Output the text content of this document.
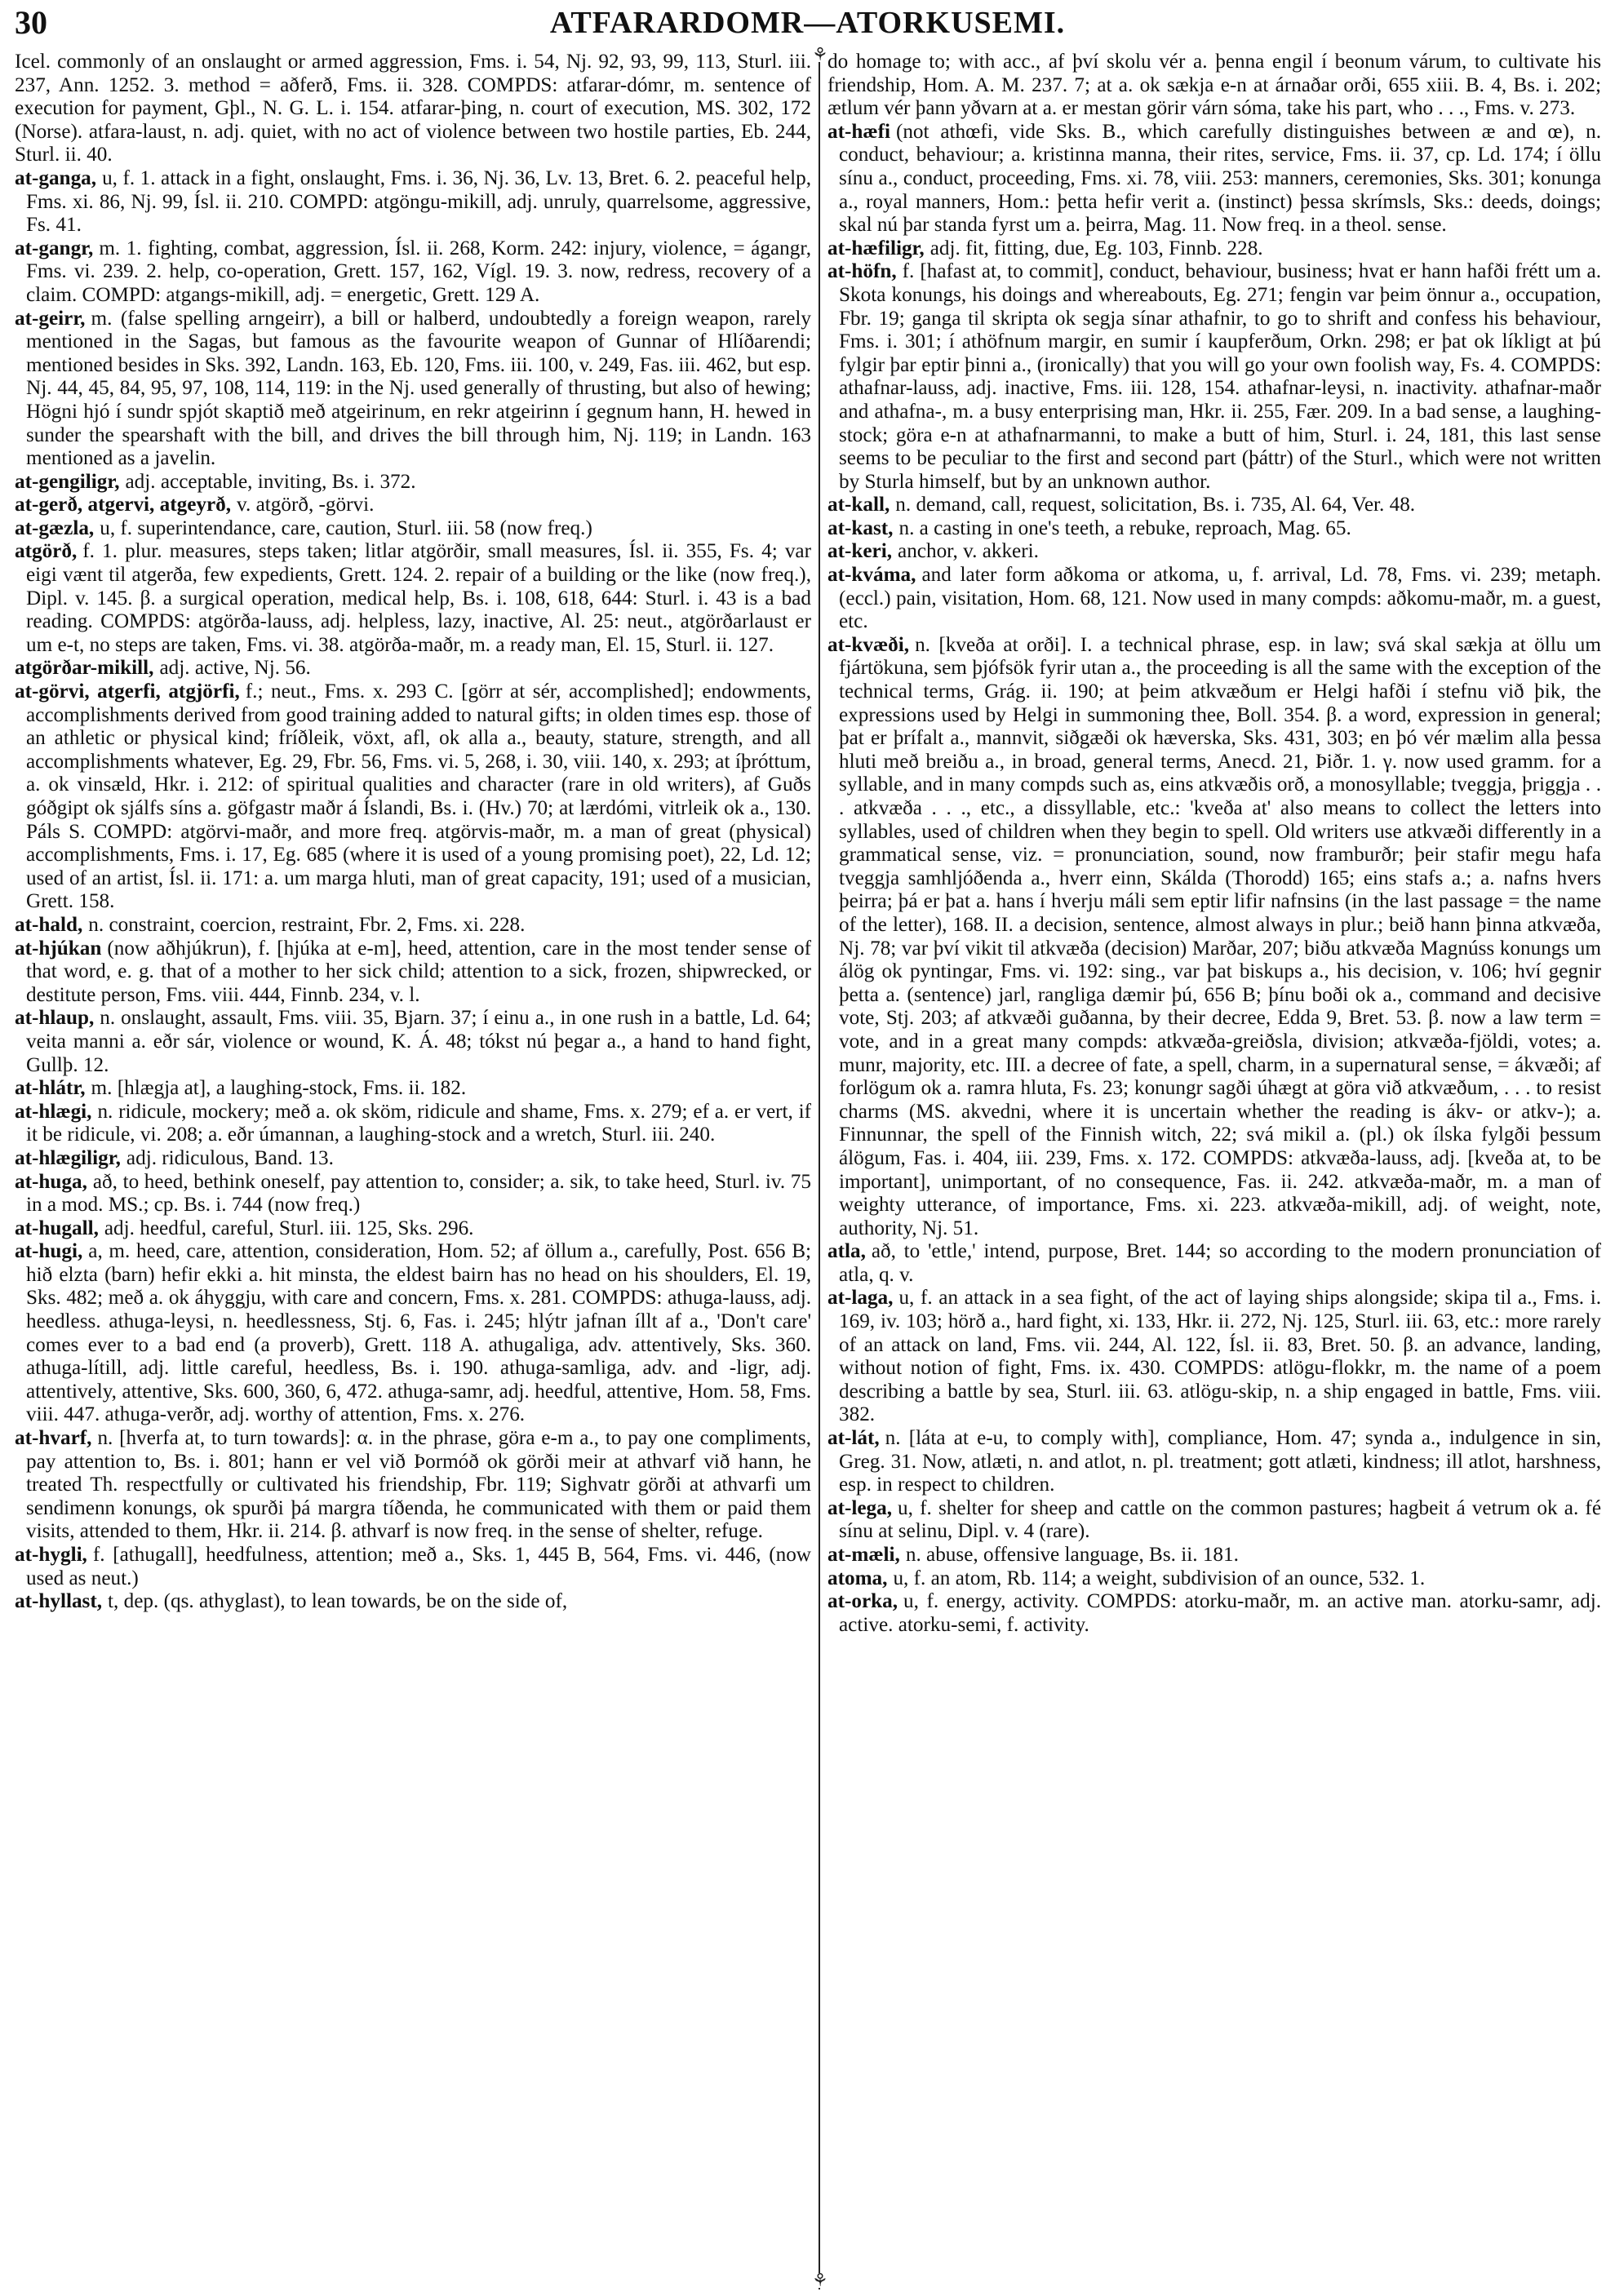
30	ATFARARDOMR—ATORKUSEMI.

Icel. commonly of an onslaught or armed aggression, Fms. i. 54, Nj. 92, 93, 99, 113, Sturl. iii. 237, Ann. 1252. 3. method = aðferð, Fms. ii. 328. COMPDS: atfarar-dómr, m. sentence of execution for payment, Gþl., N. G. L. i. 154. atfarar-þing, n. court of execution, MS. 302, 172 (Norse). atfara-laust, n. adj. quiet, with no act of violence between two hostile parties, Eb. 244, Sturl. ii. 40.

at-ganga, u, f. 1. attack in a fight, onslaught, Fms. i. 36, Nj. 36, Lv. 13, Bret. 6. 2. peaceful help, Fms. xi. 86, Nj. 99, Ísl. ii. 210. COMPD: atgöngu-mikill, adj. unruly, quarrelsome, aggressive, Fs. 41.

at-gangr, m. 1. fighting, combat, aggression, Ísl. ii. 268, Korm. 242: injury, violence, = ágangr, Fms. vi. 239. 2. help, co-operation, Grett. 157, 162, Vígl. 19. 3. now, redress, recovery of a claim. COMPD: atgangs-mikill, adj. = energetic, Grett. 129 A.

at-geirr, m. (false spelling arngeirr), a bill or halberd, undoubtedly a foreign weapon, rarely mentioned in the Sagas, but famous as the favourite weapon of Gunnar of Hlíðarendi; mentioned besides in Sks. 392, Landn. 163, Eb. 120, Fms. iii. 100, v. 249, Fas. iii. 462, but esp. Nj. 44, 45, 84, 95, 97, 108, 114, 119: in the Nj. used generally of thrusting, but also of hewing; Högni hjó í sundr spjót skaptið með atgeirinum, en rekr atgeirinn í gegnum hann, H. hewed in sunder the spearshaft with the bill, and drives the bill through him, Nj. 119; in Landn. 163 mentioned as a javelin.

at-gengiligr, adj. acceptable, inviting, Bs. i. 372.

at-gerð, atgervi, atgeyrð, v. atgörð, -görvi.

at-gæzla, u, f. superintendance, care, caution, Sturl. iii. 58 (now freq.)

atgörð, f. 1. plur. measures, steps taken; litlar atgörðir, small measures, Ísl. ii. 355, Fs. 4; var eigi vænt til atgerða, few expedients, Grett. 124. 2. repair of a building or the like (now freq.), Dipl. v. 145. β. a surgical operation, medical help, Bs. i. 108, 618, 644: Sturl. i. 43 is a bad reading. COMPDS: atgörða-lauss, adj. helpless, lazy, inactive, Al. 25: neut., atgörðarlaust er um e-t, no steps are taken, Fms. vi. 38. atgörða-maðr, m. a ready man, El. 15, Sturl. ii. 127.

atgörðar-mikill, adj. active, Nj. 56.

at-görvi, atgerfi, atgjörfi, f.; neut., Fms. x. 293 C. [görr at sér, accomplished]; endowments, accomplishments derived from good training added to natural gifts; in olden times esp. those of an athletic or physical kind; fríðleik, vöxt, afl, ok alla a., beauty, stature, strength, and all accomplishments whatever, Eg. 29, Fbr. 56, Fms. vi. 5, 268, i. 30, viii. 140, x. 293; at íþróttum, a. ok vinsæld, Hkr. i. 212: of spiritual qualities and character (rare in old writers), af Guðs góðgipt ok sjálfs síns a. göfgastr maðr á Íslandi, Bs. i. (Hv.) 70; at lærdómi, vitrleik ok a., 130. Páls S. COMPD: atgörvi-maðr, and more freq. atgörvis-maðr, m. a man of great (physical) accomplishments, Fms. i. 17, Eg. 685 (where it is used of a young promising poet), 22, Ld. 12; used of an artist, Ísl. ii. 171: a. um marga hluti, man of great capacity, 191; used of a musician, Grett. 158.

at-hald, n. constraint, coercion, restraint, Fbr. 2, Fms. xi. 228.

at-hjúkan (now aðhjúkrun), f. [hjúka at e-m], heed, attention, care in the most tender sense of that word, e. g. that of a mother to her sick child; attention to a sick, frozen, shipwrecked, or destitute person, Fms. viii. 444, Finnb. 234, v. l.

at-hlaup, n. onslaught, assault, Fms. viii. 35, Bjarn. 37; í einu a., in one rush in a battle, Ld. 64; veita manni a. eðr sár, violence or wound, K. Á. 48; tókst nú þegar a., a hand to hand fight, Gullþ. 12.

at-hlátr, m. [hlægja at], a laughing-stock, Fms. ii. 182.

at-hlægi, n. ridicule, mockery; með a. ok sköm, ridicule and shame, Fms. x. 279; ef a. er vert, if it be ridicule, vi. 208; a. eðr úmannan, a laughing-stock and a wretch, Sturl. iii. 240.

at-hlægiligr, adj. ridiculous, Band. 13.

at-huga, að, to heed, bethink oneself, pay attention to, consider; a. sik, to take heed, Sturl. iv. 75 in a mod. MS.; cp. Bs. i. 744 (now freq.)

at-hugall, adj. heedful, careful, Sturl. iii. 125, Sks. 296.

at-hugi, a, m. heed, care, attention, consideration, Hom. 52; af öllum a., carefully, Post. 656 B; hið elzta (barn) hefir ekki a. hit minsta, the eldest bairn has no head on his shoulders, El. 19, Sks. 482; með a. ok áhyggju, with care and concern, Fms. x. 281. COMPDS: athuga-lauss, adj. heedless. athuga-leysi, n. heedlessness, Stj. 6, Fas. i. 245; hlýtr jafnan íllt af a., 'Don't care' comes ever to a bad end (a proverb), Grett. 118 A. athugaliga, adv. attentively, Sks. 360. athuga-lítill, adj. little careful, heedless, Bs. i. 190. athuga-samliga, adv. and -ligr, adj. attentively, attentive, Sks. 600, 360, 6, 472. athuga-samr, adj. heedful, attentive, Hom. 58, Fms. viii. 447. athuga-verðr, adj. worthy of attention, Fms. x. 276.

at-hvarf, n. [hverfa at, to turn towards]: α. in the phrase, göra e-m a., to pay one compliments, pay attention to, Bs. i. 801; hann er vel við Þormóð ok görði meir at athvarf við hann, he treated Th. respectfully or cultivated his friendship, Fbr. 119; Sighvatr görði at athvarfi um sendimenn konungs, ok spurði þá margra tíðenda, he communicated with them or paid them visits, attended to them, Hkr. ii. 214. β. athvarf is now freq. in the sense of shelter, refuge.

at-hygli, f. [athugall], heedfulness, attention; með a., Sks. 1, 445 B, 564, Fms. vi. 446, (now used as neut.)

at-hyllast, t, dep. (qs. athyglast), to lean towards, be on the side of,

⚘
⚘

do homage to; with acc., af því skolu vér a. þenna engil í beonum várum, to cultivate his friendship, Hom. A. M. 237. 7; at a. ok sækja e-n at árnaðar orði, 655 xiii. B. 4, Bs. i. 202; ætlum vér þann yðvarn at a. er mestan görir várn sóma, take his part, who . . ., Fms. v. 273.

at-hæfi (not athœfi, vide Sks. B., which carefully distinguishes between æ and œ), n. conduct, behaviour; a. kristinna manna, their rites, service, Fms. ii. 37, cp. Ld. 174; í öllu sínu a., conduct, proceeding, Fms. xi. 78, viii. 253: manners, ceremonies, Sks. 301; konunga a., royal manners, Hom.: þetta hefir verit a. (instinct) þessa skrímsls, Sks.: deeds, doings; skal nú þar standa fyrst um a. þeirra, Mag. 11. Now freq. in a theol. sense.

at-hæfiligr, adj. fit, fitting, due, Eg. 103, Finnb. 228.

at-höfn, f. [hafast at, to commit], conduct, behaviour, business; hvat er hann hafði frétt um a. Skota konungs, his doings and whereabouts, Eg. 271; fengin var þeim önnur a., occupation, Fbr. 19; ganga til skripta ok segja sínar athafnir, to go to shrift and confess his behaviour, Fms. i. 301; í athöfnum margir, en sumir í kaupferðum, Orkn. 298; er þat ok líkligt at þú fylgir þar eptir þinni a., (ironically) that you will go your own foolish way, Fs. 4. COMPDS: athafnar-lauss, adj. inactive, Fms. iii. 128, 154. athafnar-leysi, n. inactivity. athafnar-maðr and athafna-, m. a busy enterprising man, Hkr. ii. 255, Fær. 209. In a bad sense, a laughing-stock; göra e-n at athafnarmanni, to make a butt of him, Sturl. i. 24, 181, this last sense seems to be peculiar to the first and second part (þáttr) of the Sturl., which were not written by Sturla himself, but by an unknown author.

at-kall, n. demand, call, request, solicitation, Bs. i. 735, Al. 64, Ver. 48.

at-kast, n. a casting in one's teeth, a rebuke, reproach, Mag. 65.

at-keri, anchor, v. akkeri.

at-kváma, and later form aðkoma or atkoma, u, f. arrival, Ld. 78, Fms. vi. 239; metaph. (eccl.) pain, visitation, Hom. 68, 121. Now used in many compds: aðkomu-maðr, m. a guest, etc.

at-kvæði, n. [kveða at orði]. I. a technical phrase, esp. in law; svá skal sækja at öllu um fjártökuna, sem þjófsök fyrir utan a., the proceeding is all the same with the exception of the technical terms, Grág. ii. 190; at þeim atkvæðum er Helgi hafði í stefnu við þik, the expressions used by Helgi in summoning thee, Boll. 354. β. a word, expression in general; þat er þrífalt a., mannvit, siðgæði ok hæverska, Sks. 431, 303; en þó vér mælim alla þessa hluti með breiðu a., in broad, general terms, Anecd. 21, Þiðr. 1. γ. now used gramm. for a syllable, and in many compds such as, eins atkvæðis orð, a monosyllable; tveggja, þriggja . . . atkvæða . . ., etc., a dissyllable, etc.: 'kveða at' also means to collect the letters into syllables, used of children when they begin to spell. Old writers use atkvæði differently in a grammatical sense, viz. = pronunciation, sound, now framburðr; þeir stafir megu hafa tveggja samhljóðenda a., hverr einn, Skálda (Thorodd) 165; eins stafs a.; a. nafns hvers þeirra; þá er þat a. hans í hverju máli sem eptir lifir nafnsins (in the last passage = the name of the letter), 168. II. a decision, sentence, almost always in plur.; beið hann þinna atkvæða, Nj. 78; var því vikit til atkvæða (decision) Marðar, 207; biðu atkvæða Magnúss konungs um álög ok pyntingar, Fms. vi. 192: sing., var þat biskups a., his decision, v. 106; hví gegnir þetta a. (sentence) jarl, rangliga dæmir þú, 656 B; þínu boði ok a., command and decisive vote, Stj. 203; af atkvæði guðanna, by their decree, Edda 9, Bret. 53. β. now a law term = vote, and in a great many compds: atkvæða-greiðsla, division; atkvæða-fjöldi, votes; a. munr, majority, etc. III. a decree of fate, a spell, charm, in a supernatural sense, = ákvæði; af forlögum ok a. ramra hluta, Fs. 23; konungr sagði úhægt at göra við atkvæðum, . . . to resist charms (MS. akvedni, where it is uncertain whether the reading is ákv- or atkv-); a. Finnunnar, the spell of the Finnish witch, 22; svá mikil a. (pl.) ok ílska fylgði þessum álögum, Fas. i. 404, iii. 239, Fms. x. 172. COMPDS: atkvæða-lauss, adj. [kveða at, to be important], unimportant, of no consequence, Fas. ii. 242. atkvæða-maðr, m. a man of weighty utterance, of importance, Fms. xi. 223. atkvæða-mikill, adj. of weight, note, authority, Nj. 51.

atla, að, to 'ettle,' intend, purpose, Bret. 144; so according to the modern pronunciation of atla, q. v.

at-laga, u, f. an attack in a sea fight, of the act of laying ships alongside; skipa til a., Fms. i. 169, iv. 103; hörð a., hard fight, xi. 133, Hkr. ii. 272, Nj. 125, Sturl. iii. 63, etc.: more rarely of an attack on land, Fms. vii. 244, Al. 122, Ísl. ii. 83, Bret. 50. β. an advance, landing, without notion of fight, Fms. ix. 430. COMPDS: atlögu-flokkr, m. the name of a poem describing a battle by sea, Sturl. iii. 63. atlögu-skip, n. a ship engaged in battle, Fms. viii. 382.

at-lát, n. [láta at e-u, to comply with], compliance, Hom. 47; synda a., indulgence in sin, Greg. 31. Now, atlæti, n. and atlot, n. pl. treatment; gott atlæti, kindness; ill atlot, harshness, esp. in respect to children.

at-lega, u, f. shelter for sheep and cattle on the common pastures; hagbeit á vetrum ok a. fé sínu at selinu, Dipl. v. 4 (rare).

at-mæli, n. abuse, offensive language, Bs. ii. 181.

atoma, u, f. an atom, Rb. 114; a weight, subdivision of an ounce, 532. 1.

at-orka, u, f. energy, activity. COMPDS: atorku-maðr, m. an active man. atorku-samr, adj. active. atorku-semi, f. activity.
